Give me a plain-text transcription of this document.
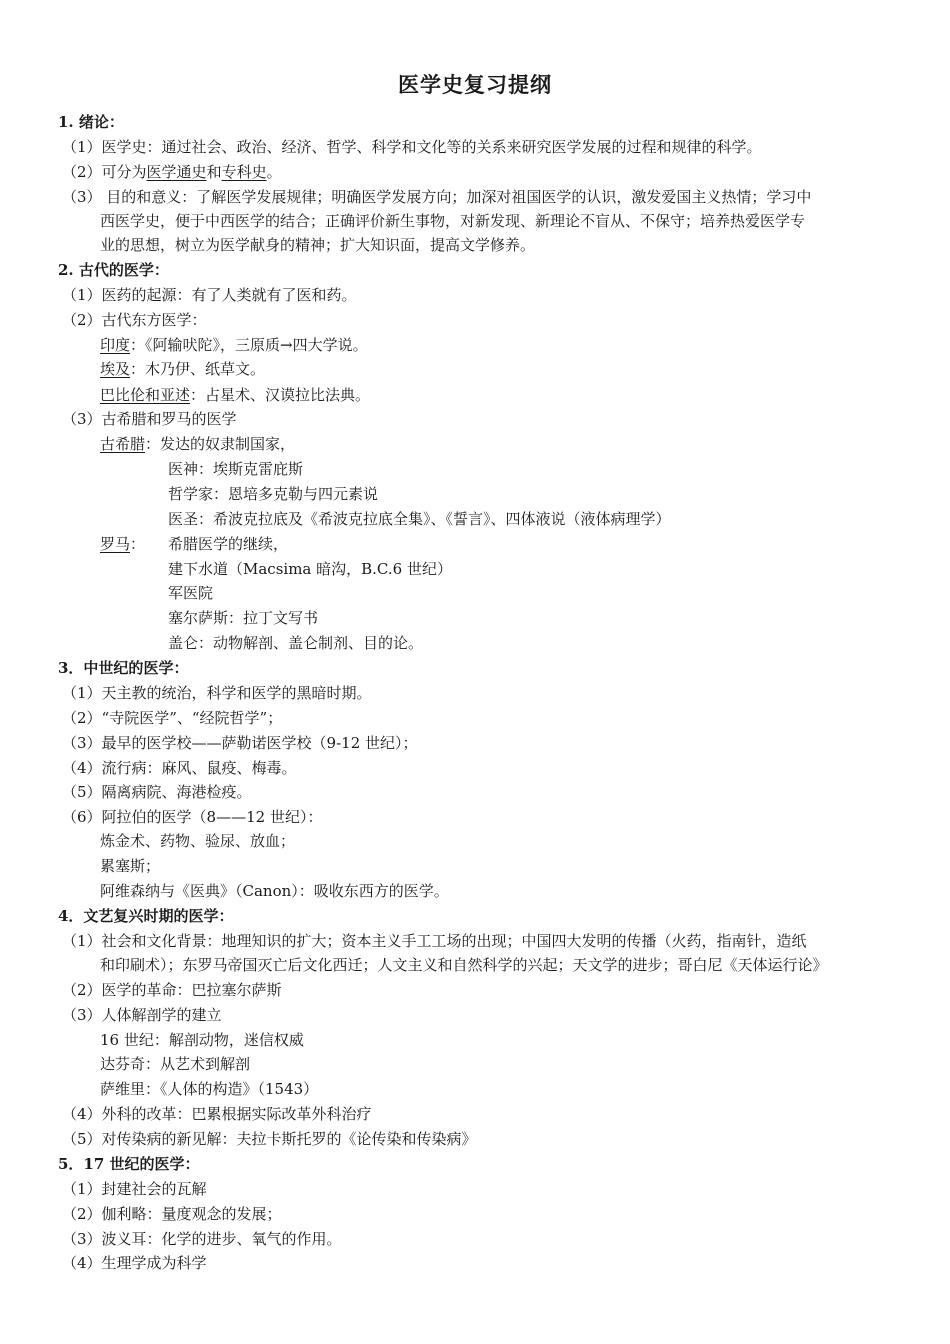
医学史复习提纲
1. 绪论：
（1）医学史：通过社会、政治、经济、哲学、科学和文化等的关系来研究医学发展的过程和规律的科学。
（2）可分为医学通史和专科史。
（3） 目的和意义：了解医学发展规律；明确医学发展方向；加深对祖国医学的认识，激发爱国主义热情；学习中
西医学史，便于中西医学的结合；正确评价新生事物，对新发现、新理论不盲从、不保守；培养热爱医学专
业的思想，树立为医学献身的精神；扩大知识面，提高文学修养。
2. 古代的医学：
（1）医药的起源：有了人类就有了医和药。
（2）古代东方医学：
印度：《阿输吠陀》，三原质→四大学说。
埃及：木乃伊、纸草文。
巴比伦和亚述：占星术、汉谟拉比法典。
（3）古希腊和罗马的医学
古希腊：发达的奴隶制国家，
医神：埃斯克雷庇斯
哲学家：恩培多克勒与四元素说
医圣：希波克拉底及《希波克拉底全集》、《誓言》、四体液说（液体病理学）
罗马： 希腊医学的继续，
建下水道（Macsima 暗沟，B.C.6 世纪）
军医院
塞尔萨斯：拉丁文写书
盖仑：动物解剖、盖仑制剂、目的论。
3．中世纪的医学：
（1）天主教的统治，科学和医学的黑暗时期。
（2）“寺院医学”、“经院哲学”；
（3）最早的医学校——萨勒诺医学校（9-12 世纪）；
（4）流行病：麻风、鼠疫、梅毒。
（5）隔离病院、海港检疫。
（6）阿拉伯的医学（8——12 世纪）：
炼金术、药物、验尿、放血；
累塞斯；
阿维森纳与《医典》（Canon）：吸收东西方的医学。
4．文艺复兴时期的医学：
（1）社会和文化背景：地理知识的扩大；资本主义手工工场的出现；中国四大发明的传播（火药，指南针，造纸
和印刷术）；东罗马帝国灭亡后文化西迁；人文主义和自然科学的兴起；天文学的进步；哥白尼《天体运行论》
（2）医学的革命：巴拉塞尔萨斯
（3）人体解剖学的建立
16 世纪：解剖动物，迷信权威
达芬奇：从艺术到解剖
萨维里：《人体的构造》（1543）
（4）外科的改革：巴累根据实际改革外科治疗
（5）对传染病的新见解：夫拉卡斯托罗的《论传染和传染病》
5．17 世纪的医学：
（1）封建社会的瓦解
（2）伽利略：量度观念的发展；
（3）波义耳：化学的进步、氧气的作用。
（4）生理学成为科学
